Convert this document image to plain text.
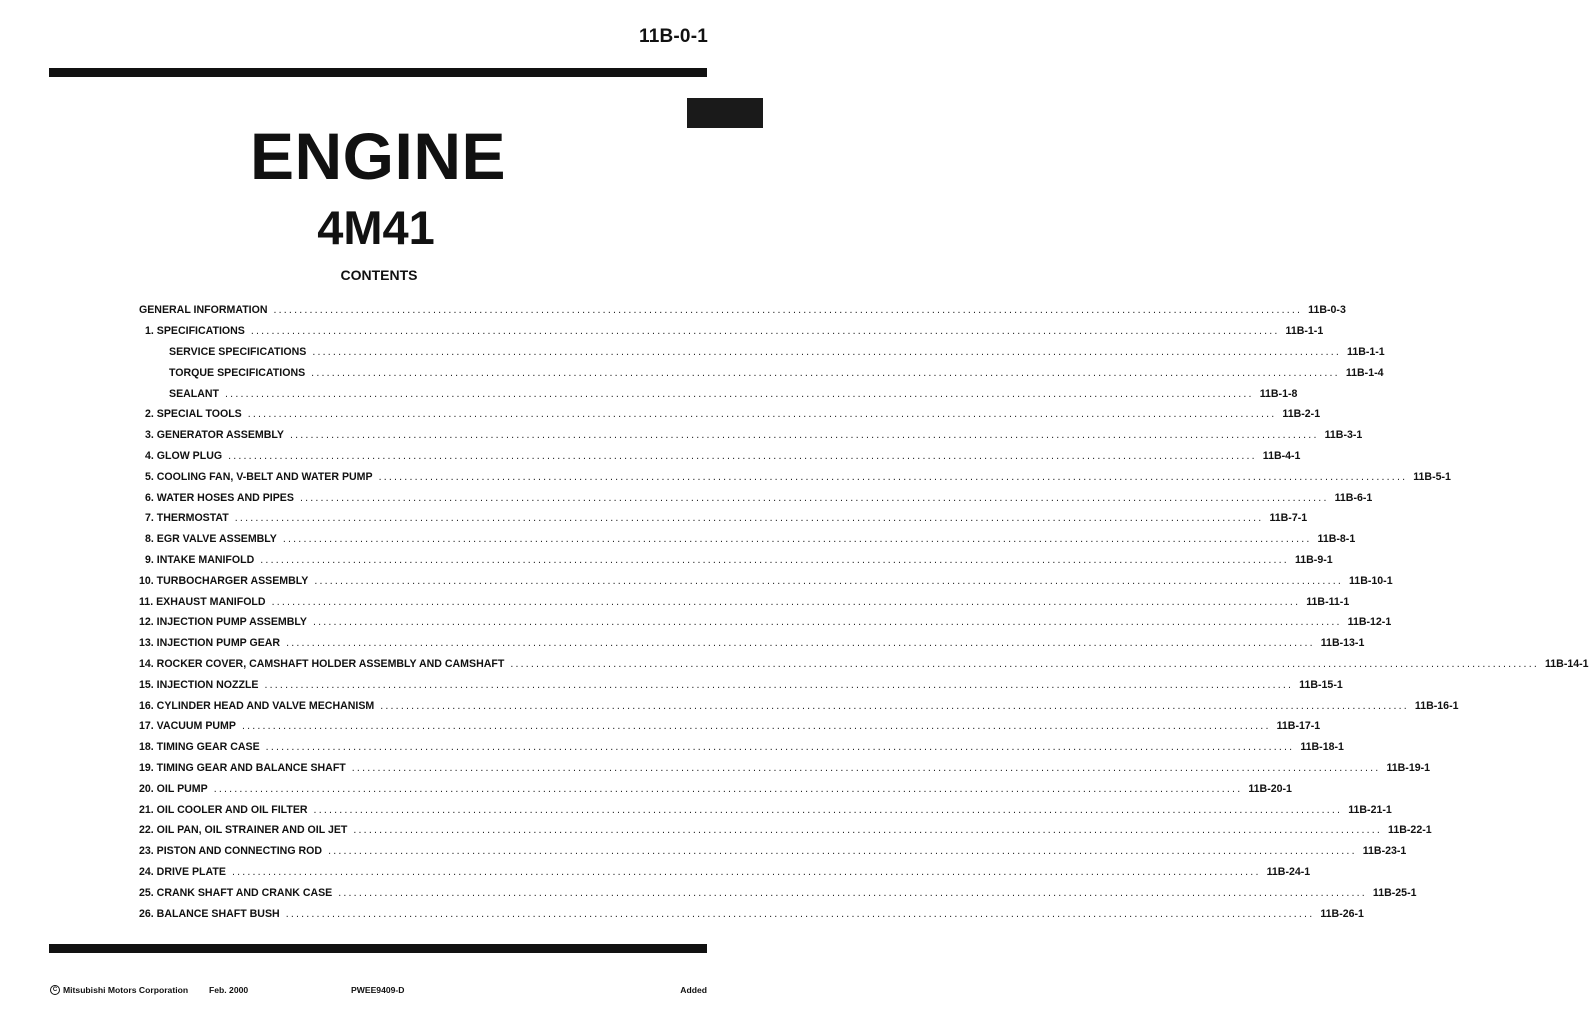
11B-0-1
ENGINE
4M41
CONTENTS
GENERAL INFORMATION ........................................................................................................................................................................................................ 11B-0-3
1. SPECIFICATIONS ........................................................................................................................................................................................................ 11B-1-1
SERVICE SPECIFICATIONS ........................................................................................................................................................................................................ 11B-1-1
TORQUE SPECIFICATIONS ........................................................................................................................................................................................................ 11B-1-4
SEALANT ........................................................................................................................................................................................................ 11B-1-8
2. SPECIAL TOOLS ........................................................................................................................................................................................................ 11B-2-1
3. GENERATOR ASSEMBLY ........................................................................................................................................................................................................ 11B-3-1
4. GLOW PLUG ........................................................................................................................................................................................................ 11B-4-1
5. COOLING FAN, V-BELT AND WATER PUMP ........................................................................................................................................................................................................ 11B-5-1
6. WATER HOSES AND PIPES ........................................................................................................................................................................................................ 11B-6-1
7. THERMOSTAT ........................................................................................................................................................................................................ 11B-7-1
8. EGR VALVE ASSEMBLY ........................................................................................................................................................................................................ 11B-8-1
9. INTAKE MANIFOLD ........................................................................................................................................................................................................ 11B-9-1
10. TURBOCHARGER ASSEMBLY ........................................................................................................................................................................................................ 11B-10-1
11. EXHAUST MANIFOLD ........................................................................................................................................................................................................ 11B-11-1
12. INJECTION PUMP ASSEMBLY ........................................................................................................................................................................................................ 11B-12-1
13. INJECTION PUMP GEAR ........................................................................................................................................................................................................ 11B-13-1
14. ROCKER COVER, CAMSHAFT HOLDER ASSEMBLY AND CAMSHAFT ........................................................................................................................................................................................................ 11B-14-1
15. INJECTION NOZZLE ........................................................................................................................................................................................................ 11B-15-1
16. CYLINDER HEAD AND VALVE MECHANISM ........................................................................................................................................................................................................ 11B-16-1
17. VACUUM PUMP ........................................................................................................................................................................................................ 11B-17-1
18. TIMING GEAR CASE ........................................................................................................................................................................................................ 11B-18-1
19. TIMING GEAR AND BALANCE SHAFT ........................................................................................................................................................................................................ 11B-19-1
20. OIL PUMP ........................................................................................................................................................................................................ 11B-20-1
21. OIL COOLER AND OIL FILTER ........................................................................................................................................................................................................ 11B-21-1
22. OIL PAN, OIL STRAINER AND OIL JET ........................................................................................................................................................................................................ 11B-22-1
23. PISTON AND CONNECTING ROD ........................................................................................................................................................................................................ 11B-23-1
24. DRIVE PLATE ........................................................................................................................................................................................................ 11B-24-1
25. CRANK SHAFT AND CRANK CASE ........................................................................................................................................................................................................ 11B-25-1
26. BALANCE SHAFT BUSH ........................................................................................................................................................................................................ 11B-26-1
C Mitsubishi Motors Corporation Feb. 2000	PWEE9409-D	Added
